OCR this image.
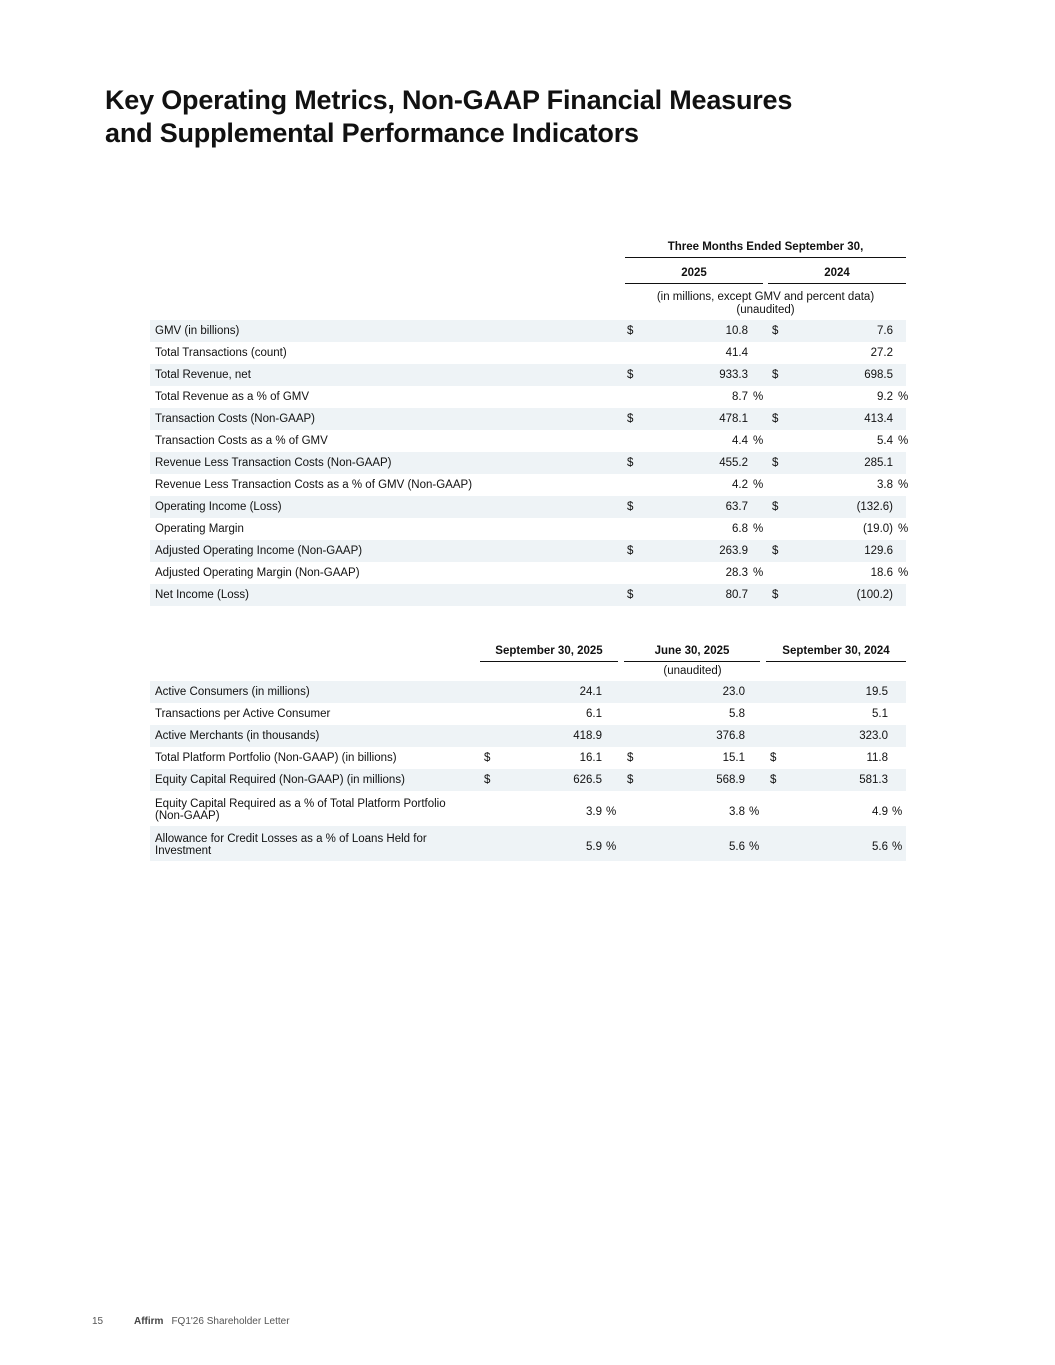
Key Operating Metrics, Non-GAAP Financial Measures
and Supplemental Performance Indicators
Three Months Ended September 30,
2025	2024
(in millions, except GMV and percent data)
(unaudited)
GMV (in billions)	$	10.8 $	7.6
Total Transactions (count)	41.4	27.2
Total Revenue, net	$	933.3 $	698.5
Total Revenue as a % of GMV	8.7 %	9.2 %
Transaction Costs (Non-GAAP)	$	478.1 $	413.4
Transaction Costs as a % of GMV	4.4 %	5.4 %
Revenue Less Transaction Costs (Non-GAAP)	$	455.2 $	285.1
Revenue Less Transaction Costs as a % of GMV (Non-GAAP)	4.2 %	3.8 %
Operating Income (Loss)	$	63.7 $	(132.6)
Operating Margin	6.8 %	(19.0) %
Adjusted Operating Income (Non-GAAP)	$	263.9 $	129.6
Adjusted Operating Margin (Non-GAAP)	28.3 %	18.6 %
Net Income (Loss)	$	80.7 $	(100.2)
September 30, 2025	June 30, 2025	September 30, 2024
(unaudited)
Active Consumers (in millions)	24.1	23.0	19.5
Transactions per Active Consumer	6.1	5.8	5.1
Active Merchants (in thousands)	418.9	376.8	323.0
Total Platform Portfolio (Non-GAAP) (in billions)	$	16.1 $	15.1 $	11.8
Equity Capital Required (Non-GAAP) (in millions)	$	626.5 $	568.9 $	581.3
Equity Capital Required as a % of Total Platform Portfolio (Non-GAAP)	3.9 %	3.8 %	4.9 %
Allowance for Credit Losses as a % of Loans Held for Investment	5.9 %	5.6 %	5.6 %
15	Affirm FQ1'26 Shareholder Letter
